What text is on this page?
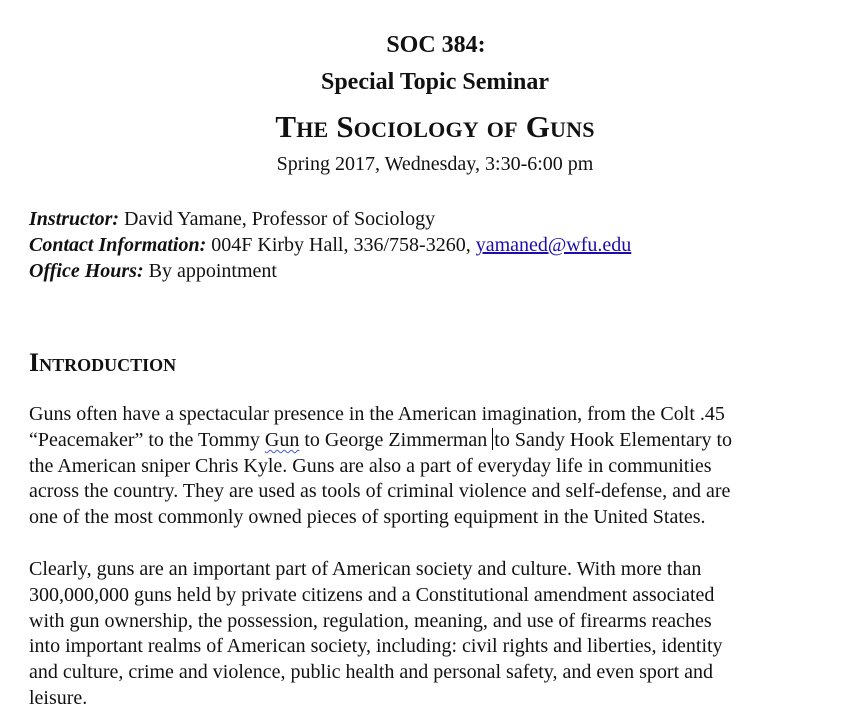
SOC 384:
Special Topic Seminar
The Sociology of Guns
Spring 2017, Wednesday, 3:30-6:00 pm
Instructor: David Yamane, Professor of Sociology
Contact Information: 004F Kirby Hall, 336/758-3260, yamaned@wfu.edu
Office Hours: By appointment
Introduction

Guns often have a spectacular presence in the American imagination, from the Colt .45
“Peacemaker” to the Tommy Gun to George Zimmerman to Sandy Hook Elementary to
the American sniper Chris Kyle. Guns are also a part of everyday life in communities
across the country. They are used as tools of criminal violence and self-defense, and are
one of the most commonly owned pieces of sporting equipment in the United States.

Clearly, guns are an important part of American society and culture. With more than
300,000,000 guns held by private citizens and a Constitutional amendment associated
with gun ownership, the possession, regulation, meaning, and use of firearms reaches
into important realms of American society, including: civil rights and liberties, identity
and culture, crime and violence, public health and personal safety, and even sport and
leisure.
